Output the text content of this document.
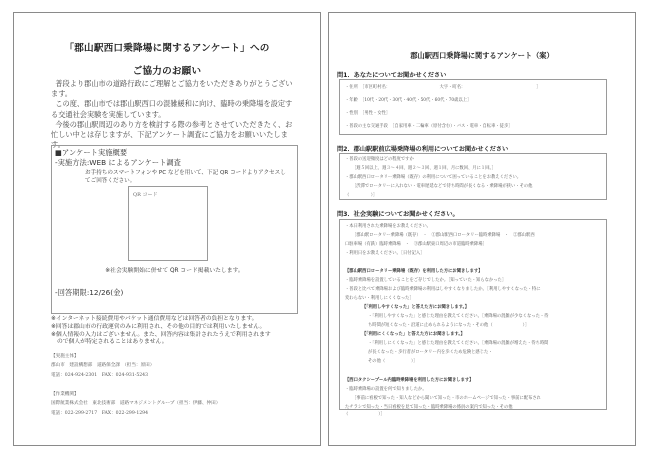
「郡山駅西口乗降場に関するアンケート」への
ご協力のお願い

普段より郡山市の道路行政にご理解とご協力をいただきありがとうございます。

この度、郡山市では郡山駅西口の混雑緩和に向け、臨時の乗降場を設定する交通社会実験を実施しています。

今後の郡山駅周辺のあり方を検討する際の参考とさせていただきたく、お忙しい中とは存じますが、下記アンケート調査にご協力をお願いいたします。

■アンケート実施概要
-実施方法:WEB によるアンケート調査
お手持ちのスマートフォンや PC などを用いて、下記 QR コードよりアクセスしてご回答ください。
QR コード
※社会実験開始に併せて QR コード掲載いたします。
-回答期限:12/26(金)
※インターネット接続費用やパケット通信費用などは回答者の負担となります。
※回答は郡山市の行政運営のみに利用され、その他の目的では利用いたしません。
※個人情報の入力はございません。また、回答内容は集計されたうえで利用されます
ので個人が特定されることはありません。
【実施主体】
郡山市　建設構想部　道路保全課　（担当：原田）
電話：024-924-2301　FAX：024-931-5243
【作業機関】
国際航業株式会社　東北技術部　道路マネジメントグループ（担当：伊藤、仲田）
電話：022-299-2717　FAX：022-299-1294
郡山駅西口乗降場に関するアンケート（案）
問1．あなたについてお聞かせください
・住所　［市区町村名：　　　　　　　　　　　　大字・町名：　　　　　　　　　　　　　　　　　］
・年齢　［10代・20代・30代・40代・50代・60代・70歳以上］
・性別　［男性・女性］
・普段の主な交通手段　［自家用車・二輪車（原付含む）・バス・電車・自転車・徒歩］
問2．郡山駅駅前広場乗降場の利用についてお聞かせください
・普段の送迎頻度はどの程度ですか
［週５回以上、週３〜４回、週２〜３回、週１回、月に数回、月に１回。］
・郡山駅西口ロータリー乗降場（既存）の利用について困っていることをお教えください。
［渋滞でロータリーに入れない・電車遅延などで待ち時間が長くなる・乗降場が狭い・その他
（　　　　　）］
問3．社会実験についてお聞かせください。
・本日利用された乗降場をお教えください。
［郡山駅ロータリー乗降場（既存）　・　①郡山駅西口ロータリー臨時乗降場　・　②郡山駅西
口駐車場（有鉄）臨時乗降場　・　③郡山駅東口周辺の市道臨時乗降場］
・利用日をお教えください。［日付記入］
【郡山駅西口ロータリー乗降場（既存）を利用した方にお聞きします】
・臨時乗降場を設置していることをご存じでしたか。［知っていた・知らなかった］
・普段と比べて乗降場および臨時乗降場の利用はしやすくなりましたか。［利用しやすくなった・特に
変わらない・利用しにくくなった］
【「利用しやすくなった」と答えた方にお聞きします。】
・「利用しやすくなった」と感じた理由を教えてください。［乗降場の混雑が少なくなった・待
ち時間が短くなった・沿道に止められるようになった・その他（　　　　　　　）］
【「利用にくくなった」と答えた方にお聞きします。】
・「利用しにくくなった」と感じた理由を教えてください。［乗降場の混雑が増えた・待ち時間
が長くなった・歩行者がロータリー内を歩くため危険と感じた・
その他（　　　　　　）］
【西口タクシープール内臨時乗降場を利用した方にお聞きします】
・臨時乗降場の設置を何で知りましたか。
［事前に看板で知った・知人などから聞いて知った・市のホームページで知った・事前に配布され
たチラシで知った・当日看板を見て知った・臨時乗降場の係員の案内で知った・その他
（　　　　　　　）］
